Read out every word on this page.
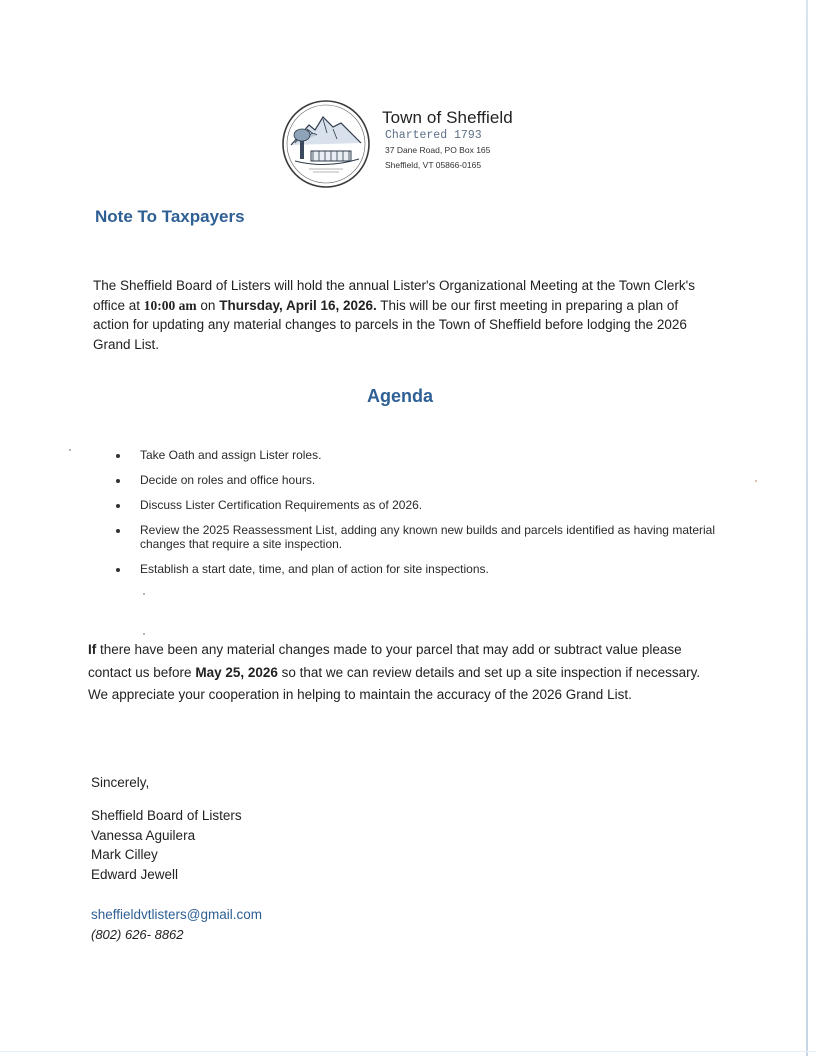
Town of Sheffield
Chartered 1793
37 Dane Road, PO Box 165
Sheffield, VT 05866-0165
Note To Taxpayers
The Sheffield Board of Listers will hold the annual Lister's Organizational Meeting at the Town Clerk's office at 10:00 am on Thursday, April 16, 2026. This will be our first meeting in preparing a plan of action for updating any material changes to parcels in the Town of Sheffield before lodging the 2026 Grand List.
Agenda
Take Oath and assign Lister roles.
Decide on roles and office hours.
Discuss Lister Certification Requirements as of 2026.
Review the 2025 Reassessment List, adding any known new builds and parcels identified as having material changes that require a site inspection.
Establish a start date, time, and plan of action for site inspections.
If there have been any material changes made to your parcel that may add or subtract value please contact us before May 25, 2026 so that we can review details and set up a site inspection if necessary. We appreciate your cooperation in helping to maintain the accuracy of the 2026 Grand List.
Sincerely,
Sheffield Board of Listers
Vanessa Aguilera
Mark Cilley
Edward Jewell
sheffieldvtlisters@gmail.com
(802) 626- 8862
